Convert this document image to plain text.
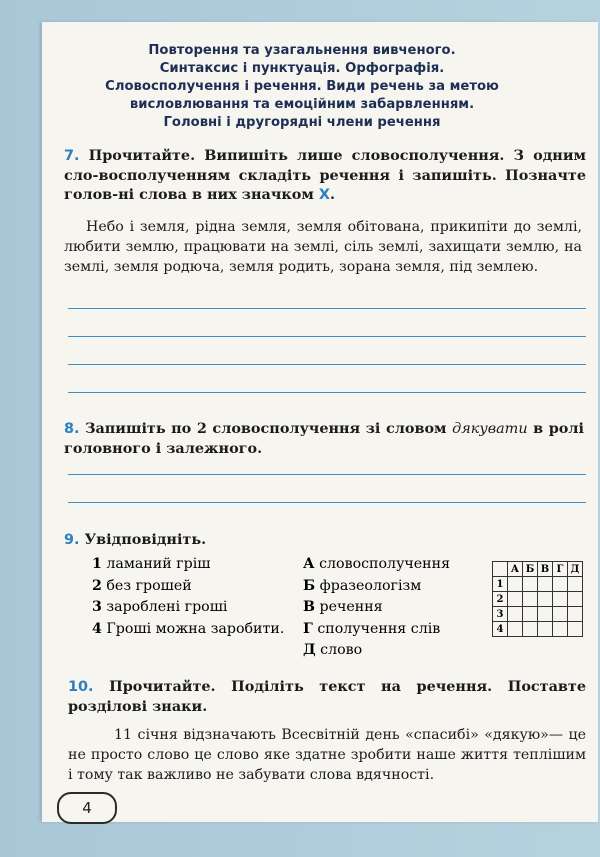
Повторення та узагальнення вивченого.
Синтаксис і пунктуація. Орфографія.
Словосполучення і речення. Види речень за метою
висловлювання та емоційним забарвленням.
Головні і другорядні члени речення
7. Прочитайте. Випишіть лише словосполучення. З одним сло-восполученням складіть речення і запишіть. Позначте голов-ні слова в них значком X.
Небо і земля, рідна земля, земля обітована, прикипіти до землі, любити землю, працювати на землі, сіль землі, захищати землю, на землі, земля родюча, земля родить, зорана земля, під землею.
8. Запишіть по 2 словосполучення зі словом дякувати в ролі головного і залежного.
9. Увідповідніть.
1 ламаний гріш
2 без грошей
3 зароблені гроші
4 Гроші можна заробити.
А словосполучення
Б фразеологізм
В речення
Г сполучення слів
Д слово
	А	Б	В	Г	Д
1					
2					
3					
4					
10. Прочитайте. Поділіть текст на речення. Поставте розділові знаки.
11 січня відзначають Всесвітній день «спасибі» «дякую»— це не просто слово це слово яке здатне зробити наше життя теплішим і тому так важливо не забувати слова вдячності.
4
